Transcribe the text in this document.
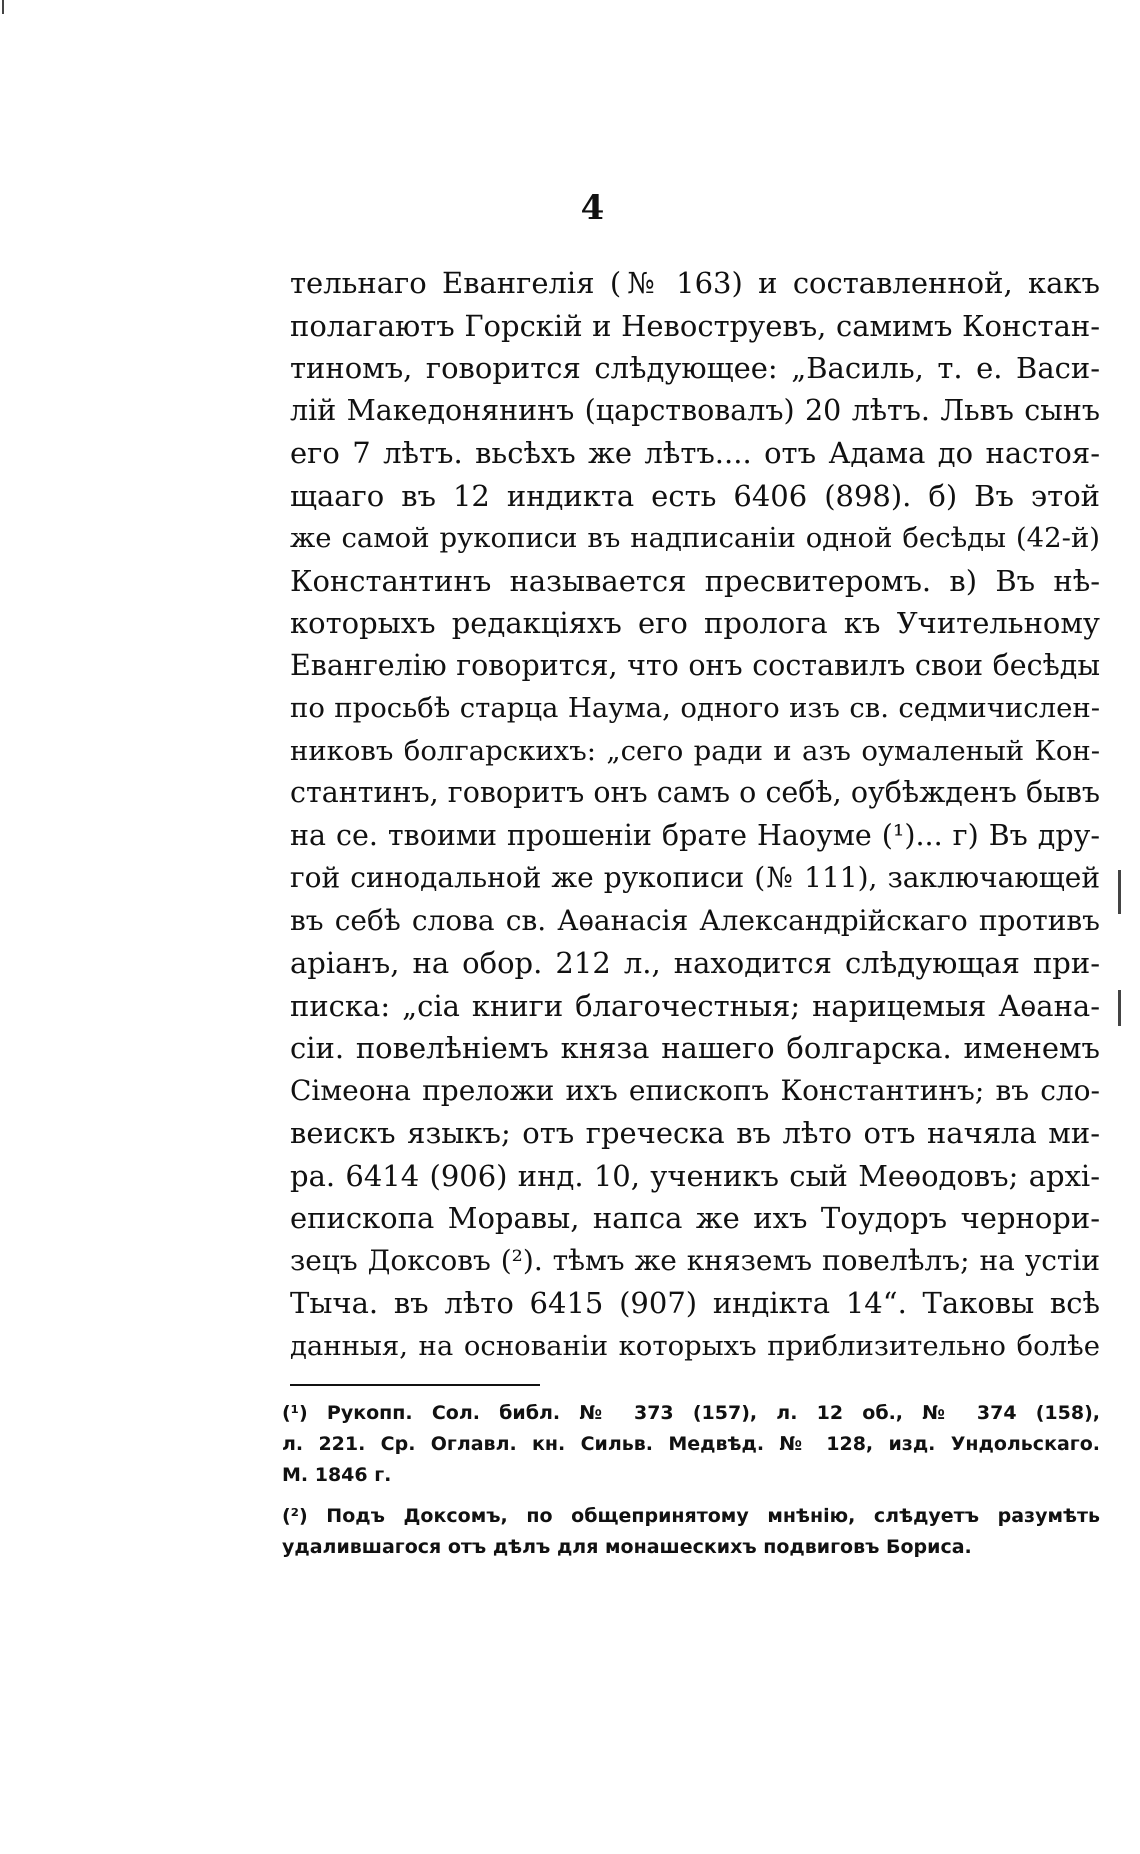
4
тельнаго Евангелія (№ 163) и составленной, какъ
полагаютъ Горскій и Невоструевъ, самимъ Констан-
тиномъ, говорится слѣдующее: „Василь, т. е. Васи-
лій Македонянинъ (царствовалъ) 20 лѣтъ. Львъ сынъ
его 7 лѣтъ. вьсѣхъ же лѣтъ.... отъ Адама до настоя-
щаaго въ 12 индикта есть 6406 (898). б) Въ этой
же самой рукописи въ надписаніи одной бесѣды (42-й)
Константинъ называется пресвитеромъ. в) Въ нѣ-
которыхъ редакціяхъ его пролога къ Учительному
Евангелію говорится, что онъ составилъ свои бесѣды
по просьбѣ старца Наума, одного изъ св. седмичислен-
никовъ болгарскихъ: „сего ради и азъ оумаленый Кон-
стантинъ, говоритъ онъ самъ о себѣ, оубѣжденъ бывъ
на се. твоими прошеніи брате Наоуме (¹)... г) Въ дру-
гой синодальной же рукописи (№ 111), заключающей
въ себѣ слова св. Аѳанасія Александрійскаго противъ
аріанъ, на обор. 212 л., находится слѣдующая при-
писка: „сіа книги благочестныя; нарицемыя Аѳана-
сіи. повелѣніемъ князa нашего болгарска. именемъ
Сімеона преложи ихъ епископъ Константинъ; въ сло-
веискъ языкъ; отъ греческа въ лѣто отъ начяла ми-
ра. 6414 (906) инд. 10, ученикъ сый Меѳодовъ; архі-
епископа Моравы, напса же ихъ Тоудоръ чернори-
зецъ Доксовъ (²). тѣмъ же княземъ повелѣлъ; на устіи
Тыча. въ лѣто 6415 (907) индікта 14“. Таковы всѣ
данныя, на основаніи которыхъ приблизительно болѣе
(¹) Рукопп. Сол. библ. № 373 (157), л. 12 об., № 374 (158),
л. 221. Ср. Оглавл. кн. Сильв. Медвѣд. № 128, изд. Ундольскаго.
М. 1846 г.
(²) Подъ Доксомъ, по общепринятому мнѣнію, слѣдуетъ разумѣть
удалившагося отъ дѣлъ для монашескихъ подвиговъ Бориса.
